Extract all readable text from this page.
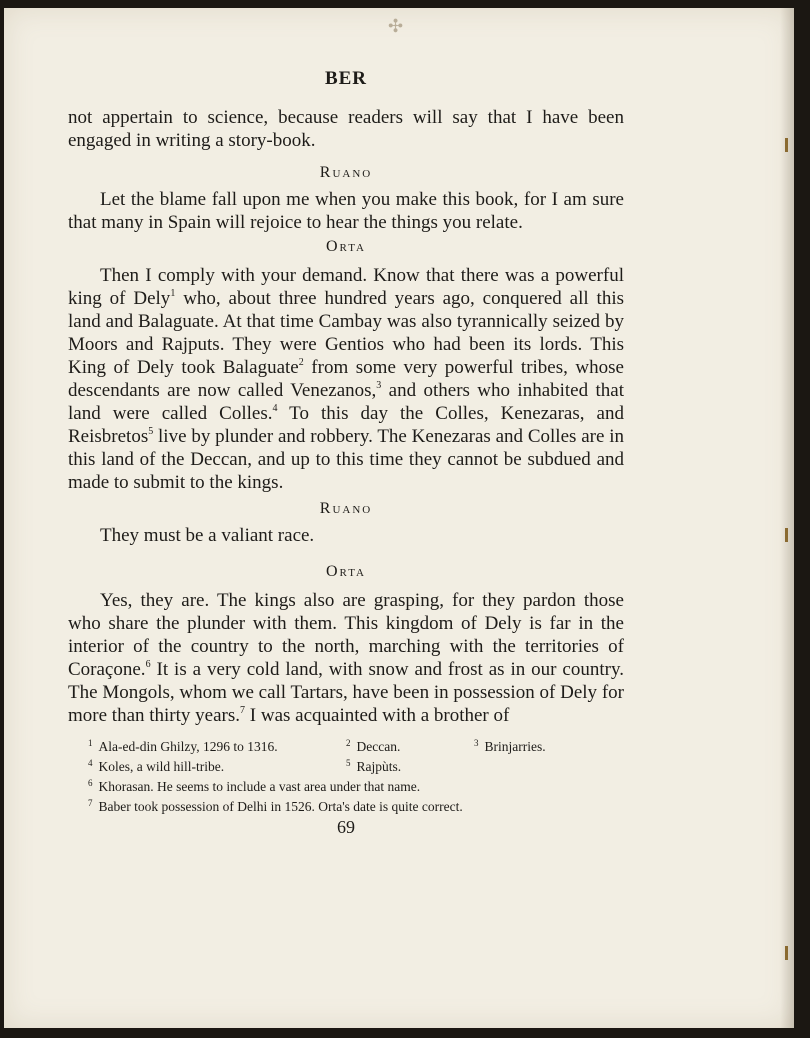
✣
BER

not appertain to science, because readers will say that I have been engaged in writing a story-book.

Ruano

Let the blame fall upon me when you make this book, for I am sure that many in Spain will rejoice to hear the things you relate.

Orta

Then I comply with your demand. Know that there was a powerful king of Dely$^1$ who, about three hundred years ago, conquered all this land and Balaguate. At that time Cambay was also tyrannically seized by Moors and Rajputs. They were Gentios who had been its lords. This King of Dely took Balaguate$^2$ from some very powerful tribes, whose descendants are now called Venezanos,$^3$ and others who inhabited that land were called Colles.$^4$ To this day the Colles, Kenezaras, and Reisbretos$^5$ live by plunder and robbery. The Kenezaras and Colles are in this land of the Deccan, and up to this time they cannot be subdued and made to submit to the kings.

Ruano

They must be a valiant race.

Orta

Yes, they are. The kings also are grasping, for they pardon those who share the plunder with them. This kingdom of Dely is far in the interior of the country to the north, marching with the territories of Coraçone.$^6$ It is a very cold land, with snow and frost as in our country. The Mongols, whom we call Tartars, have been in possession of Dely for more than thirty years.$^7$ I was acquainted with a brother of

$^1$ Ala-ed-din Ghilzy, 1296 to 1316.	$^2$ Deccan.	$^3$ Brinjarries.
$^4$ Koles, a wild hill-tribe.	$^5$ Rajpùts.
$^6$ Khorasan. He seems to include a vast area under that name.
$^7$ Baber took possession of Delhi in 1526. Orta's date is quite correct.
69
